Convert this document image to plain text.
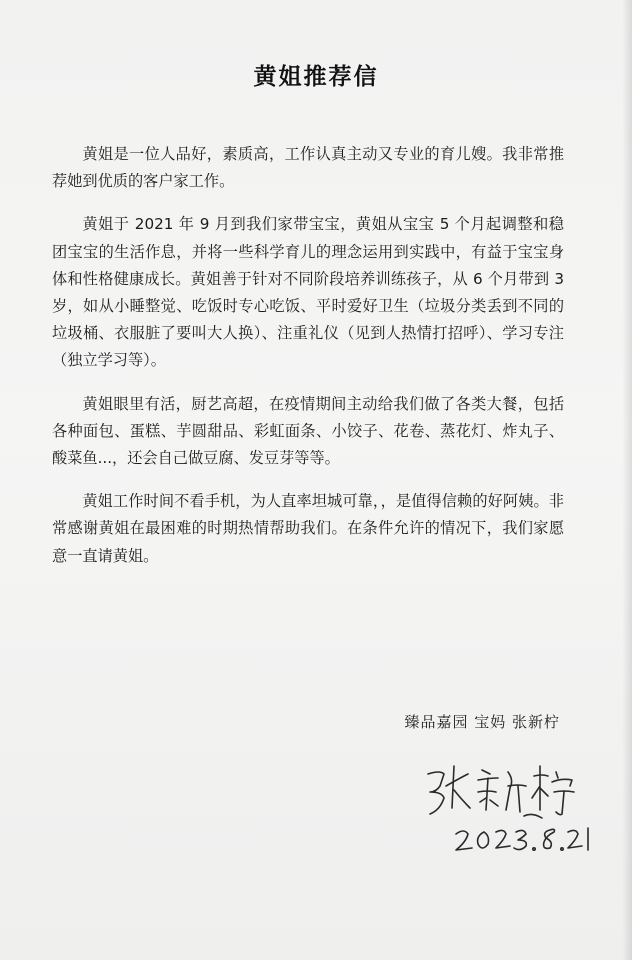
黄姐推荐信

黄姐是一位人品好，素质高，工作认真主动又专业的育儿嫂。我非常推荐她到优质的客户家工作。

黄姐于 2021 年 9 月到我们家带宝宝，黄姐从宝宝 5 个月起调整和稳团宝宝的生活作息，并将一些科学育儿的理念运用到实践中，有益于宝宝身体和性格健康成长。黄姐善于针对不同阶段培养训练孩子，从 6 个月带到 3 岁，如从小睡整觉、吃饭时专心吃饭、平时爱好卫生（垃圾分类丢到不同的垃圾桶、衣服脏了要叫大人换）、注重礼仪（见到人热情打招呼）、学习专注（独立学习等）。

黄姐眼里有活，厨艺高超，在疫情期间主动给我们做了各类大餐，包括各种面包、蛋糕、芋圆甜品、彩虹面条、小饺子、花卷、蒸花灯、炸丸子、酸菜鱼...，还会自己做豆腐、发豆芽等等。

黄姐工作时间不看手机，为人直率坦城可靠，，是值得信赖的好阿姨。非常感谢黄姐在最困难的时期热情帮助我们。在条件允许的情况下，我们家愿意一直请黄姐。

臻品嘉园 宝妈 张新柠
